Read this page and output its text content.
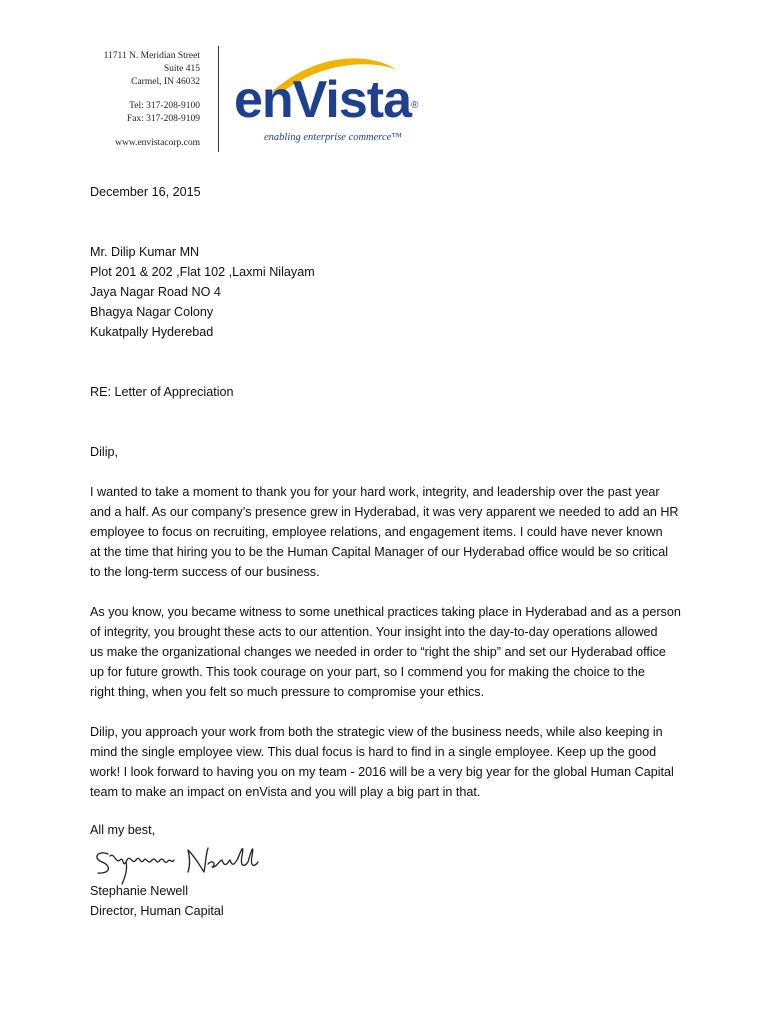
11711 N. Meridian Street
Suite 415
Carmel, IN 46032
Tel: 317-208-9100
Fax: 317-208-9109
www.envistacorp.com
enVista®
enabling enterprise commerce™
December 16, 2015
Mr. Dilip Kumar MN
Plot 201 & 202 ,Flat 102 ,Laxmi Nilayam
Jaya Nagar Road NO 4
Bhagya Nagar Colony
Kukatpally Hyderebad
RE: Letter of Appreciation
Dilip,
I wanted to take a moment to thank you for your hard work, integrity, and leadership over the past year
and a half. As our company’s presence grew in Hyderabad, it was very apparent we needed to add an HR
employee to focus on recruiting, employee relations, and engagement items. I could have never known
at the time that hiring you to be the Human Capital Manager of our Hyderabad office would be so critical
to the long-term success of our business.
As you know, you became witness to some unethical practices taking place in Hyderabad and as a person
of integrity, you brought these acts to our attention. Your insight into the day-to-day operations allowed
us make the organizational changes we needed in order to “right the ship” and set our Hyderabad office
up for future growth. This took courage on your part, so I commend you for making the choice to the
right thing, when you felt so much pressure to compromise your ethics.
Dilip, you approach your work from both the strategic view of the business needs, while also keeping in
mind the single employee view. This dual focus is hard to find in a single employee. Keep up the good
work! I look forward to having you on my team - 2016 will be a very big year for the global Human Capital
team to make an impact on enVista and you will play a big part in that.
All my best,
Stephanie Newell
Director, Human Capital
